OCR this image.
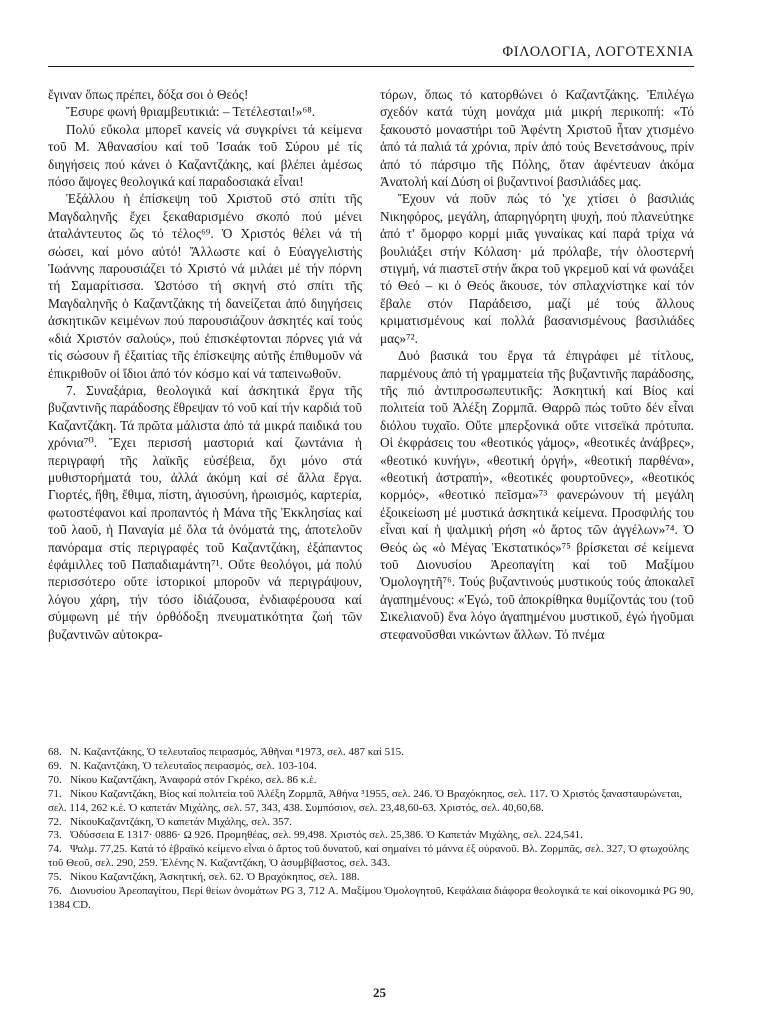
ΦΙΛΟΛΟΓΙΑ, ΛΟΓΟΤΕΧΝΙΑ

ἔγιναν ὅπως πρέπει, δόξα σοι ὁ Θεός!

Ἔσυρε φωνή θριαμβευτικιά: – Τετέλεσται!»⁶⁸.

Πολύ εὔκολα μπορεῖ κανείς νά συγκρίνει τά κείμενα τοῦ Μ. Ἀθανασίου καί τοῦ Ἰσαάκ τοῦ Σύρου μέ τίς διηγήσεις πού κάνει ὁ Καζαντζάκης, καί βλέπει ἀμέσως πόσο ἄψογες θεολογικά καί παραδοσιακά εἶναι!

Ἐξάλλου ἡ ἐπίσκεψη τοῦ Χριστοῦ στό σπίτι τῆς Μαγδαληνῆς ἔχει ξεκαθαρισμένο σκοπό πού μένει ἀταλάντευτος ὥς τό τέλος⁶⁹. Ὁ Χριστός θέλει νά τή σώσει, καί μόνο αὐτό! Ἄλλωστε καί ὁ Εὐαγγελιστής Ἰωάννης παρουσιάζει τό Χριστό νά μιλάει μέ τήν πόρνη τή Σαμαρίτισσα. Ὡστόσο τή σκηνή στό σπίτι τῆς Μαγδαληνῆς ὁ Καζαντζάκης τή δανείζεται ἀπό διηγήσεις ἀσκητικῶν κειμένων πού παρουσιάζουν ἀσκητές καί τούς «διά Χριστόν σαλούς», πού ἐπισκέφτονται πόρνες γιά νά τίς σώσουν ἤ ἐξαιτίας τῆς ἐπίσκεψης αὐτῆς ἐπιθυμοῦν νά ἐπικριθοῦν οἱ ἴδιοι ἀπό τόν κόσμο καί νά ταπεινωθοῦν.

7. Συναξάρια, θεολογικά καί ἀσκητικά ἔργα τῆς βυζαντινῆς παράδοσης ἔθρεψαν τό νοῦ καί τήν καρδιά τοῦ Καζαντζάκη. Τά πρῶτα μάλιστα ἀπό τά μικρά παιδικά του χρόνια⁷⁰. Ἔχει περισσή μαστοριά καί ζωντάνια ἡ περιγραφή τῆς λαϊκῆς εὐσέβεια, ὄχι μόνο στά μυθιστορήματά του, ἀλλά ἀκόμη καί σέ ἄλλα ἔργα. Γιορτές, ἤθη, ἔθιμα, πίστη, ἁγιοσύνη, ἡρωισμός, καρτερία, φωτοστέφανοι καί προπαντός ἡ Μάνα τῆς Ἐκκλησίας καί τοῦ λαοῦ, ἡ Παναγία μέ ὅλα τά ὀνόματά της, ἀποτελοῦν πανόραμα στίς περιγραφές τοῦ Καζαντζάκη, ἐξάπαντος ἐφάμιλλες τοῦ Παπαδιαμάντη⁷¹. Οὔτε θεολόγοι, μά πολύ περισσότερο οὔτε ἱστορικοί μποροῦν νά περιγράψουν, λόγου χάρη, τήν τόσο ἰδιάζουσα, ἐνδιαφέρουσα καί σύμφωνη μέ τήν ὀρθόδοξη πνευματικότητα ζωή τῶν βυζαντινῶν αὐτοκρα-

τόρων, ὅπως τό κατορθώνει ὁ Καζαντζάκης. Ἐπιλέγω σχεδόν κατά τύχη μονάχα μιά μικρή περικοπή: «Τό ξακουστό μοναστήρι τοῦ Ἀφέντη Χριστοῦ ἦταν χτισμένο ἀπό τά παλιά τά χρόνια, πρίν ἀπό τούς Βενετσάνους, πρίν ἀπό τό πάρσιμο τῆς Πόλης, ὅταν ἀφέντευαν ἀκόμα Ἀνατολή καί Δύση οἱ βυζαντινοί βασιλιάδες μας.

Ἔχουν νά ποῦν πώς τό 'χε χτίσει ὁ βασιλιάς Νικηφόρος, μεγάλη, ἀπαρηγόρητη ψυχή, πού πλανεύτηκε ἀπό τ' ὄμορφο κορμί μιᾶς γυναίκας καί παρά τρίχα νά βουλιάξει στήν Κόλαση· μά πρόλαβε, τήν ὁλοστερνή στιγμή, νά πιαστεῖ στήν ἄκρα τοῦ γκρεμοῦ καί νά φωνάξει τό Θεό – κι ὁ Θεός ἄκουσε, τόν σπλαχνίστηκε καί τόν ἔβαλε στόν Παράδεισο, μαζί μέ τούς ἄλλους κριματισμένους καί πολλά βασανισμένους βασιλιάδες μας»⁷².

Δυό βασικά του ἔργα τά ἐπιγράφει μέ τίτλους, παρμένους ἀπό τή γραμματεία τῆς βυζαντινῆς παράδοσης, τῆς πιό ἀντιπροσωπευτικῆς: Ἀσκητική καί Βίος καί πολιτεία τοῦ Ἀλέξη Ζορμπᾶ. Θαρρῶ πώς τοῦτο δέν εἶναι διόλου τυχαῖο. Οὔτε μπερξονικά οὔτε νιτσεϊκά πρότυπα. Οἱ ἐκφράσεις του «θεοτικός γάμος», «θεοτικές ἀνάβρες», «θεοτικό κυνήγι», «θεοτική ὀργή», «θεοτική παρθένα», «θεοτική ἀστραπή», «θεοτικές φουρτοῦνες», «θεοτικός κορμός», «θεοτικό πεῖσμα»⁷³ φανερώνουν τή μεγάλη ἐξοικείωση μέ μυστικά ἀσκητικά κείμενα. Προσφιλής του εἶναι καί ἡ ψαλμική ρήση «ὁ ἄρτος τῶν ἀγγέλων»⁷⁴. Ὁ Θεός ὡς «ὁ Μέγας Ἐκστατικός»⁷⁵ βρίσκεται σέ κείμενα τοῦ Διονυσίου Ἀρεοπαγίτη καί τοῦ Μαξίμου Ὁμολογητῆ⁷⁶. Τούς βυζαντινούς μυστικούς τούς ἀποκαλεῖ ἀγαπημένους: «Ἐγώ, τοῦ ἀποκρίθηκα θυμίζοντάς του (τοῦ Σικελιανοῦ) ἕνα λόγο ἀγαπημένου μυστικοῦ, ἐγώ ἡγοῦμαι στεφανοῦσθαι νικώντων ἄλλων. Τό πνέμα

68. Ν. Καζαντζάκης, Ὁ τελευταῖος πειρασμός, Ἀθῆναι ⁸1973, σελ. 487 καί 515.
69. Ν. Καζαντζάκη, Ὁ τελευταῖος πειρασμός, σελ. 103-104.
70. Νίκου Καζαντζάκη, Ἀναφορά στόν Γκρέκο, σελ. 86 κ.ἑ.
71. Νίκου Καζαντζάκη, Βίος καί πολιτεία τοῦ Ἀλέξη Ζορμπᾶ, Ἀθήνα ³1955, σελ. 246. Ὁ Βραχόκηπος, σελ. 117. Ὁ Χριστός ξανασταυρώνεται, σελ. 114, 262 κ.ἑ. Ὁ καπετάν Μιχάλης, σελ. 57, 343, 438. Συμπόσιον, σελ. 23,48,60-63. Χριστός, σελ. 40,60,68.
72. ΝίκουΚαζαντζάκη, Ὁ καπετάν Μιχάλης, σελ. 357.
73. Ὀδύσσεια Ε 1317· 0886· Ω 926. Προμηθέας, σελ. 99,498. Χριστός σελ. 25,386. Ὁ Καπετάν Μιχάλης, σελ. 224,541.
74. Ψαλμ. 77,25. Κατά τό ἑβραϊκό κείμενο εἶναι ὁ ἄρτος τοῦ δυνατοῦ, καί σημαίνει τό μάννα ἐξ οὐρανοῦ. Βλ. Ζορμπᾶς, σελ. 327, Ὁ φτωχούλης τοῦ Θεοῦ, σελ. 290, 259. Ἑλένης Ν. Καζαντζάκη, Ὁ ἀσυμβίβαστος, σελ. 343.
75. Νίκου Καζαντζάκη, Ἀσκητική, σελ. 62. Ὁ Βραχόκηπος, σελ. 188.
76. Διονυσίου Ἀρεοπαγίτου, Περί θείων ὀνομάτων PG 3, 712 Α. Μαξίμου Ὁμολογητοῦ, Κεφάλαια διάφορα θεολογικά τε καί οἰκονομικά PG 90, 1384 CD.
25
